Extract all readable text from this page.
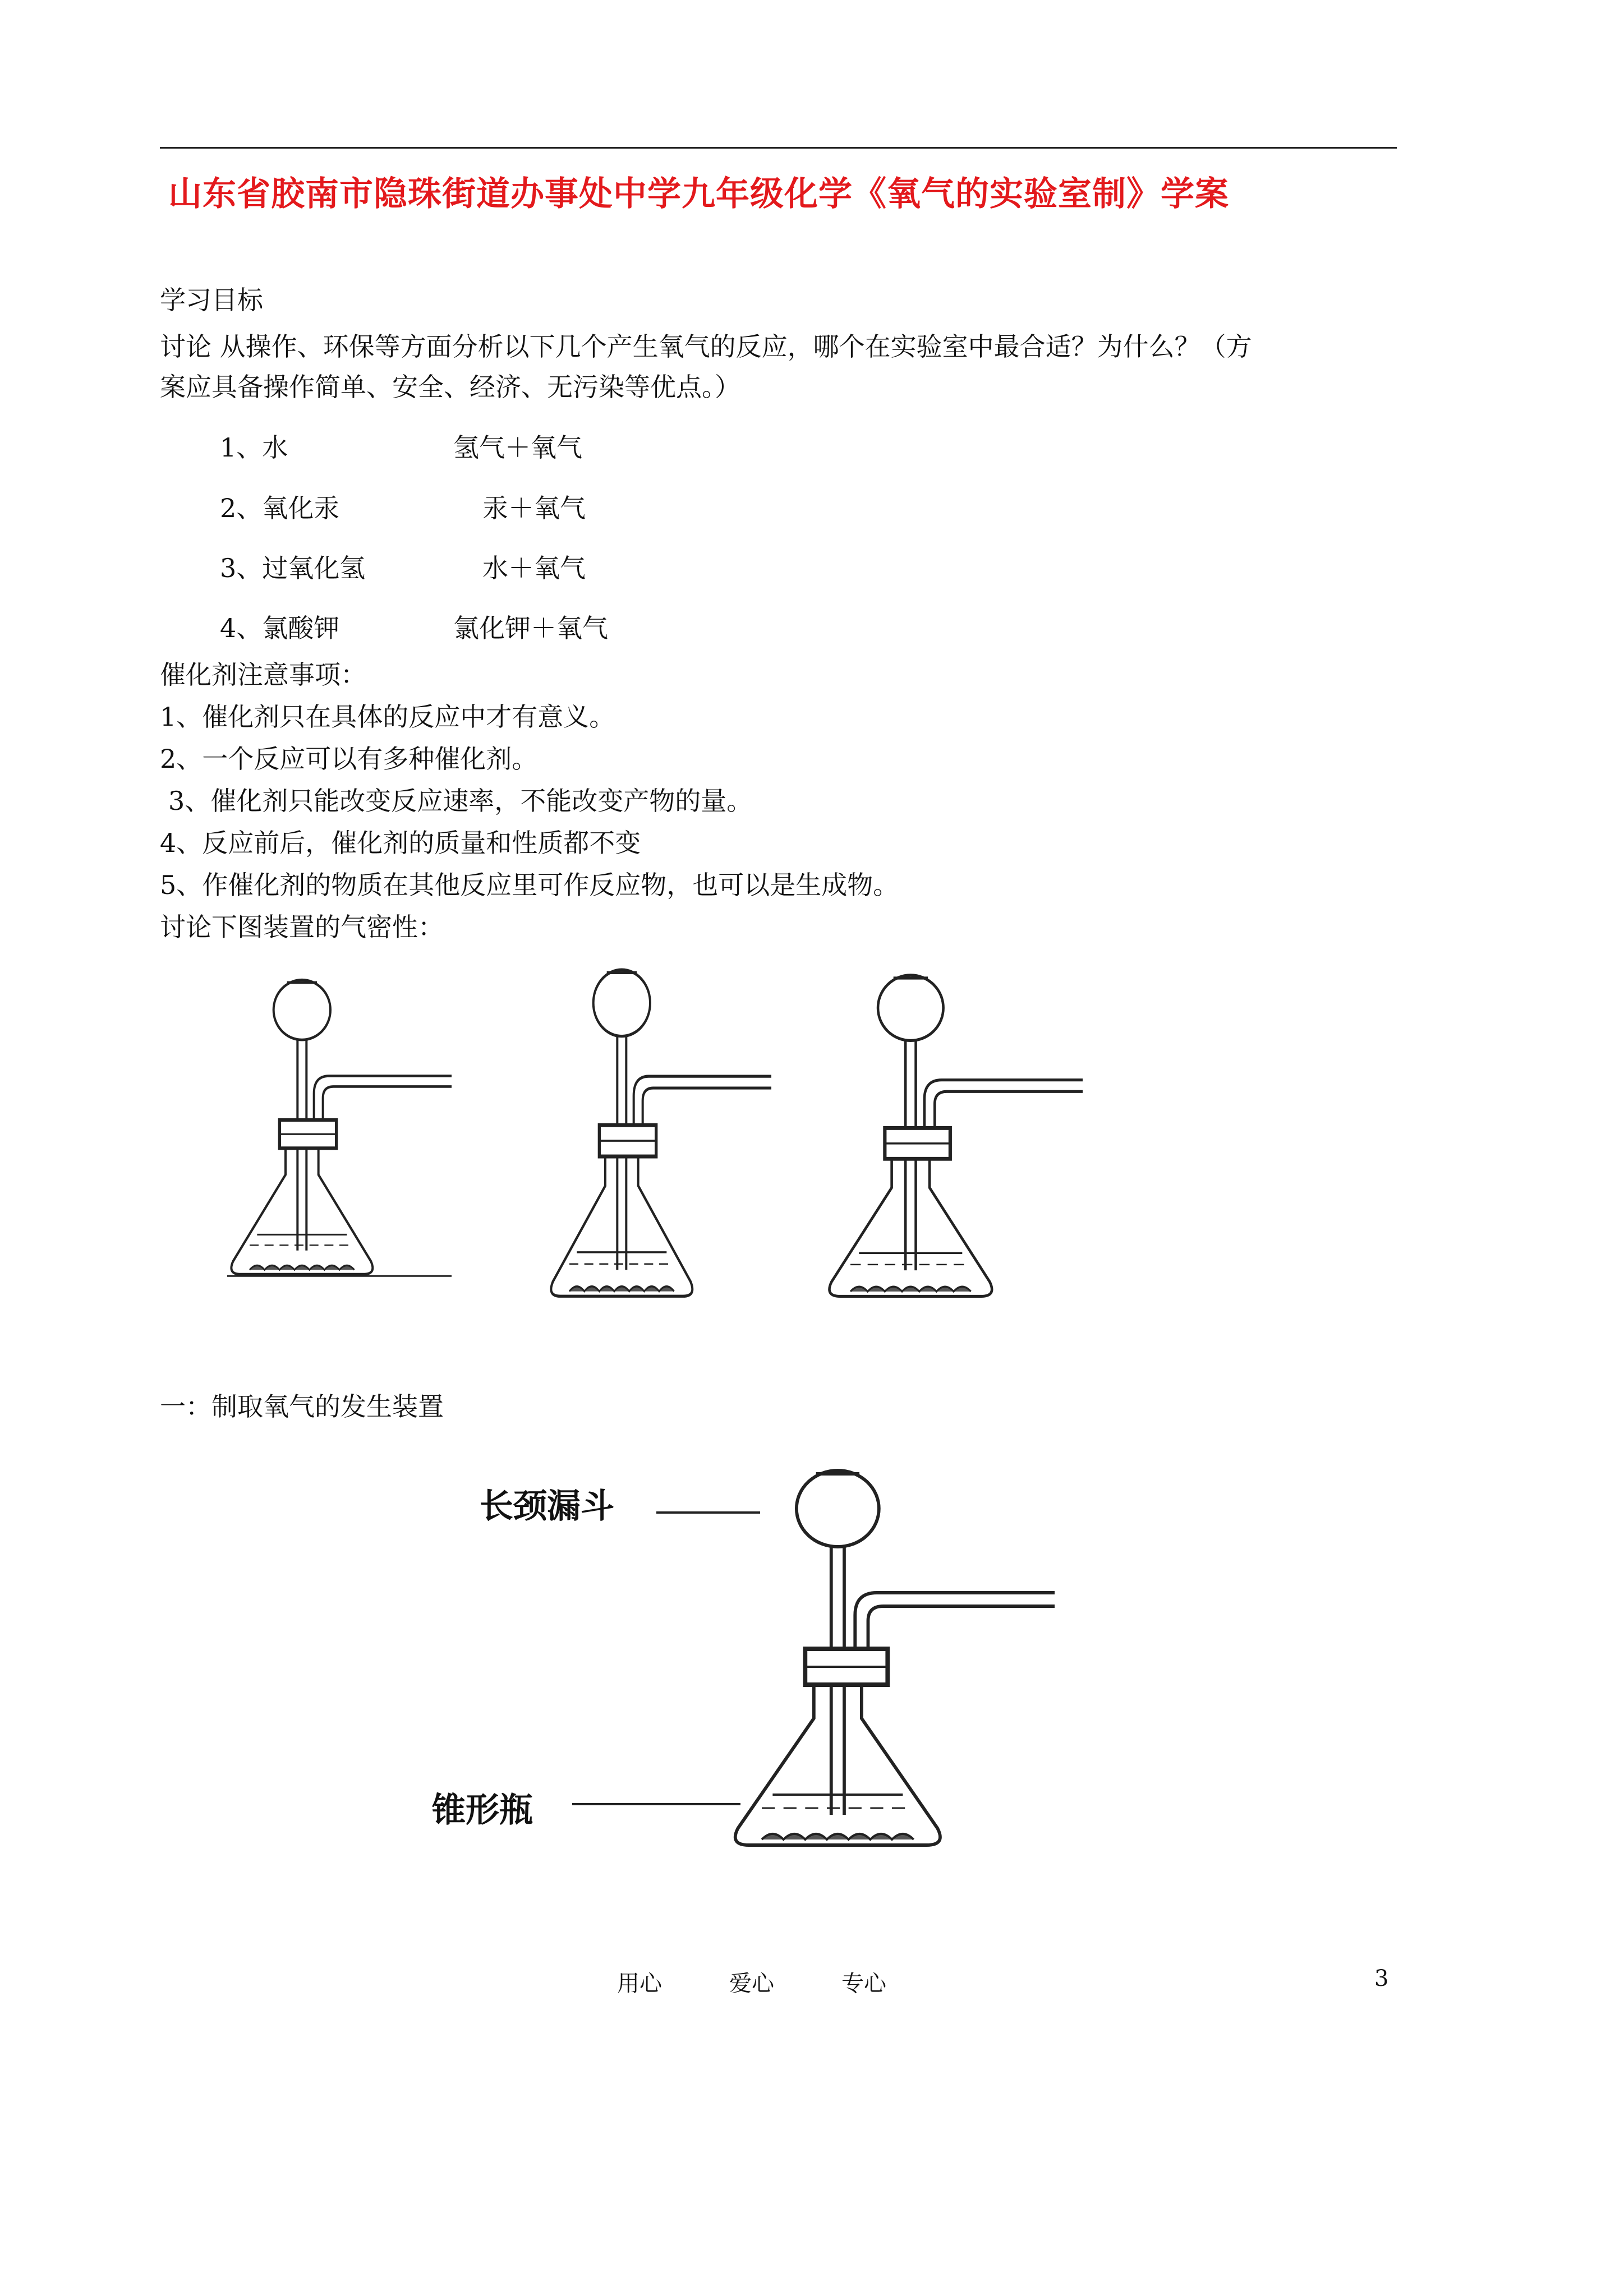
山东省胶南市隐珠街道办事处中学九年级化学《氧气的实验室制》学案
学习目标
讨论 从操作、环保等方面分析以下几个产生氧气的反应，哪个在实验室中最合适？为什么？（方
案应具备操作简单、安全、经济、无污染等优点。）
1、水	氢气＋氧气
2、氧化汞	汞＋氧气
3、过氧化氢	水＋氧气
4、氯酸钾	氯化钾＋氧气
催化剂注意事项：
1、催化剂只在具体的反应中才有意义。
2、一个反应可以有多种催化剂。
3、催化剂只能改变反应速率，不能改变产物的量。
4、反应前后，催化剂的质量和性质都不变
5、作催化剂的物质在其他反应里可作反应物，也可以是生成物。
讨论下图装置的气密性：
一：制取氧气的发生装置
长颈漏斗
锥形瓶
用心	爱心	专心	3
